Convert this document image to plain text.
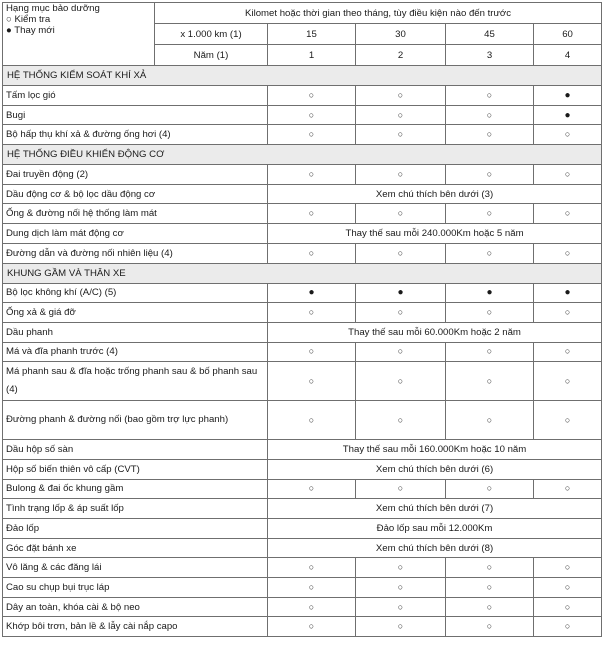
Hạng mục bảo dưỡng
○ Kiểm tra
● Thay mới	Kilomet hoặc thời gian theo tháng, tùy điều kiện nào đến trước				
	x 1.000 km (1)	15	30	45	60
	Năm (1)	1	2	3	4
HỆ THỐNG KIỂM SOÁT KHÍ XẢ					
Tấm lọc gió		○	○	○	●
Bugi		○	○	○	●
Bộ hấp thụ khí xả & đường ống hơi (4)		○	○	○	○
HỆ THỐNG ĐIỀU KHIỂN ĐỘNG CƠ					
Đai truyền động (2)		○	○	○	○
Dầu động cơ & bộ lọc dầu động cơ		Xem chú thích bên dưới (3)			
Ống & đường nối hệ thống làm mát		○	○	○	○
Dung dịch làm mát động cơ		Thay thế sau mỗi 240.000Km hoặc 5 năm			
Đường dẫn và đường nối nhiên liệu (4)		○	○	○	○
KHUNG GẦM VÀ THÂN XE					
Bộ lọc không khí (A/C) (5)		●	●	●	●
Ống xả & giá đỡ		○	○	○	○
Dầu phanh		Thay thế sau mỗi 60.000Km hoặc 2 năm			
Má và đĩa phanh trước (4)		○	○	○	○
Má phanh sau & đĩa hoặc trống phanh sau & bố phanh sau (4)		○	○	○	○
Đường phanh & đường nối (bao gồm trợ lực phanh)		○	○	○	○
Dầu hộp số sàn		Thay thế sau mỗi 160.000Km hoặc 10 năm			
Hộp số biến thiên vô cấp (CVT)		Xem chú thích bên dưới (6)			
Bulong & đai ốc khung gầm		○	○	○	○
Tình trạng lốp & áp suất lốp		Xem chú thích bên dưới (7)			
Đảo lốp		Đảo lốp sau mỗi 12.000Km			
Góc đặt bánh xe		Xem chú thích bên dưới (8)			
Vô lăng & các đăng lái		○	○	○	○
Cao su chụp bụi trục láp		○	○	○	○
Dây an toàn, khóa cài & bộ neo		○	○	○	○
Khớp bôi trơn, bản lề & lẫy cài nắp capo		○	○	○	○
